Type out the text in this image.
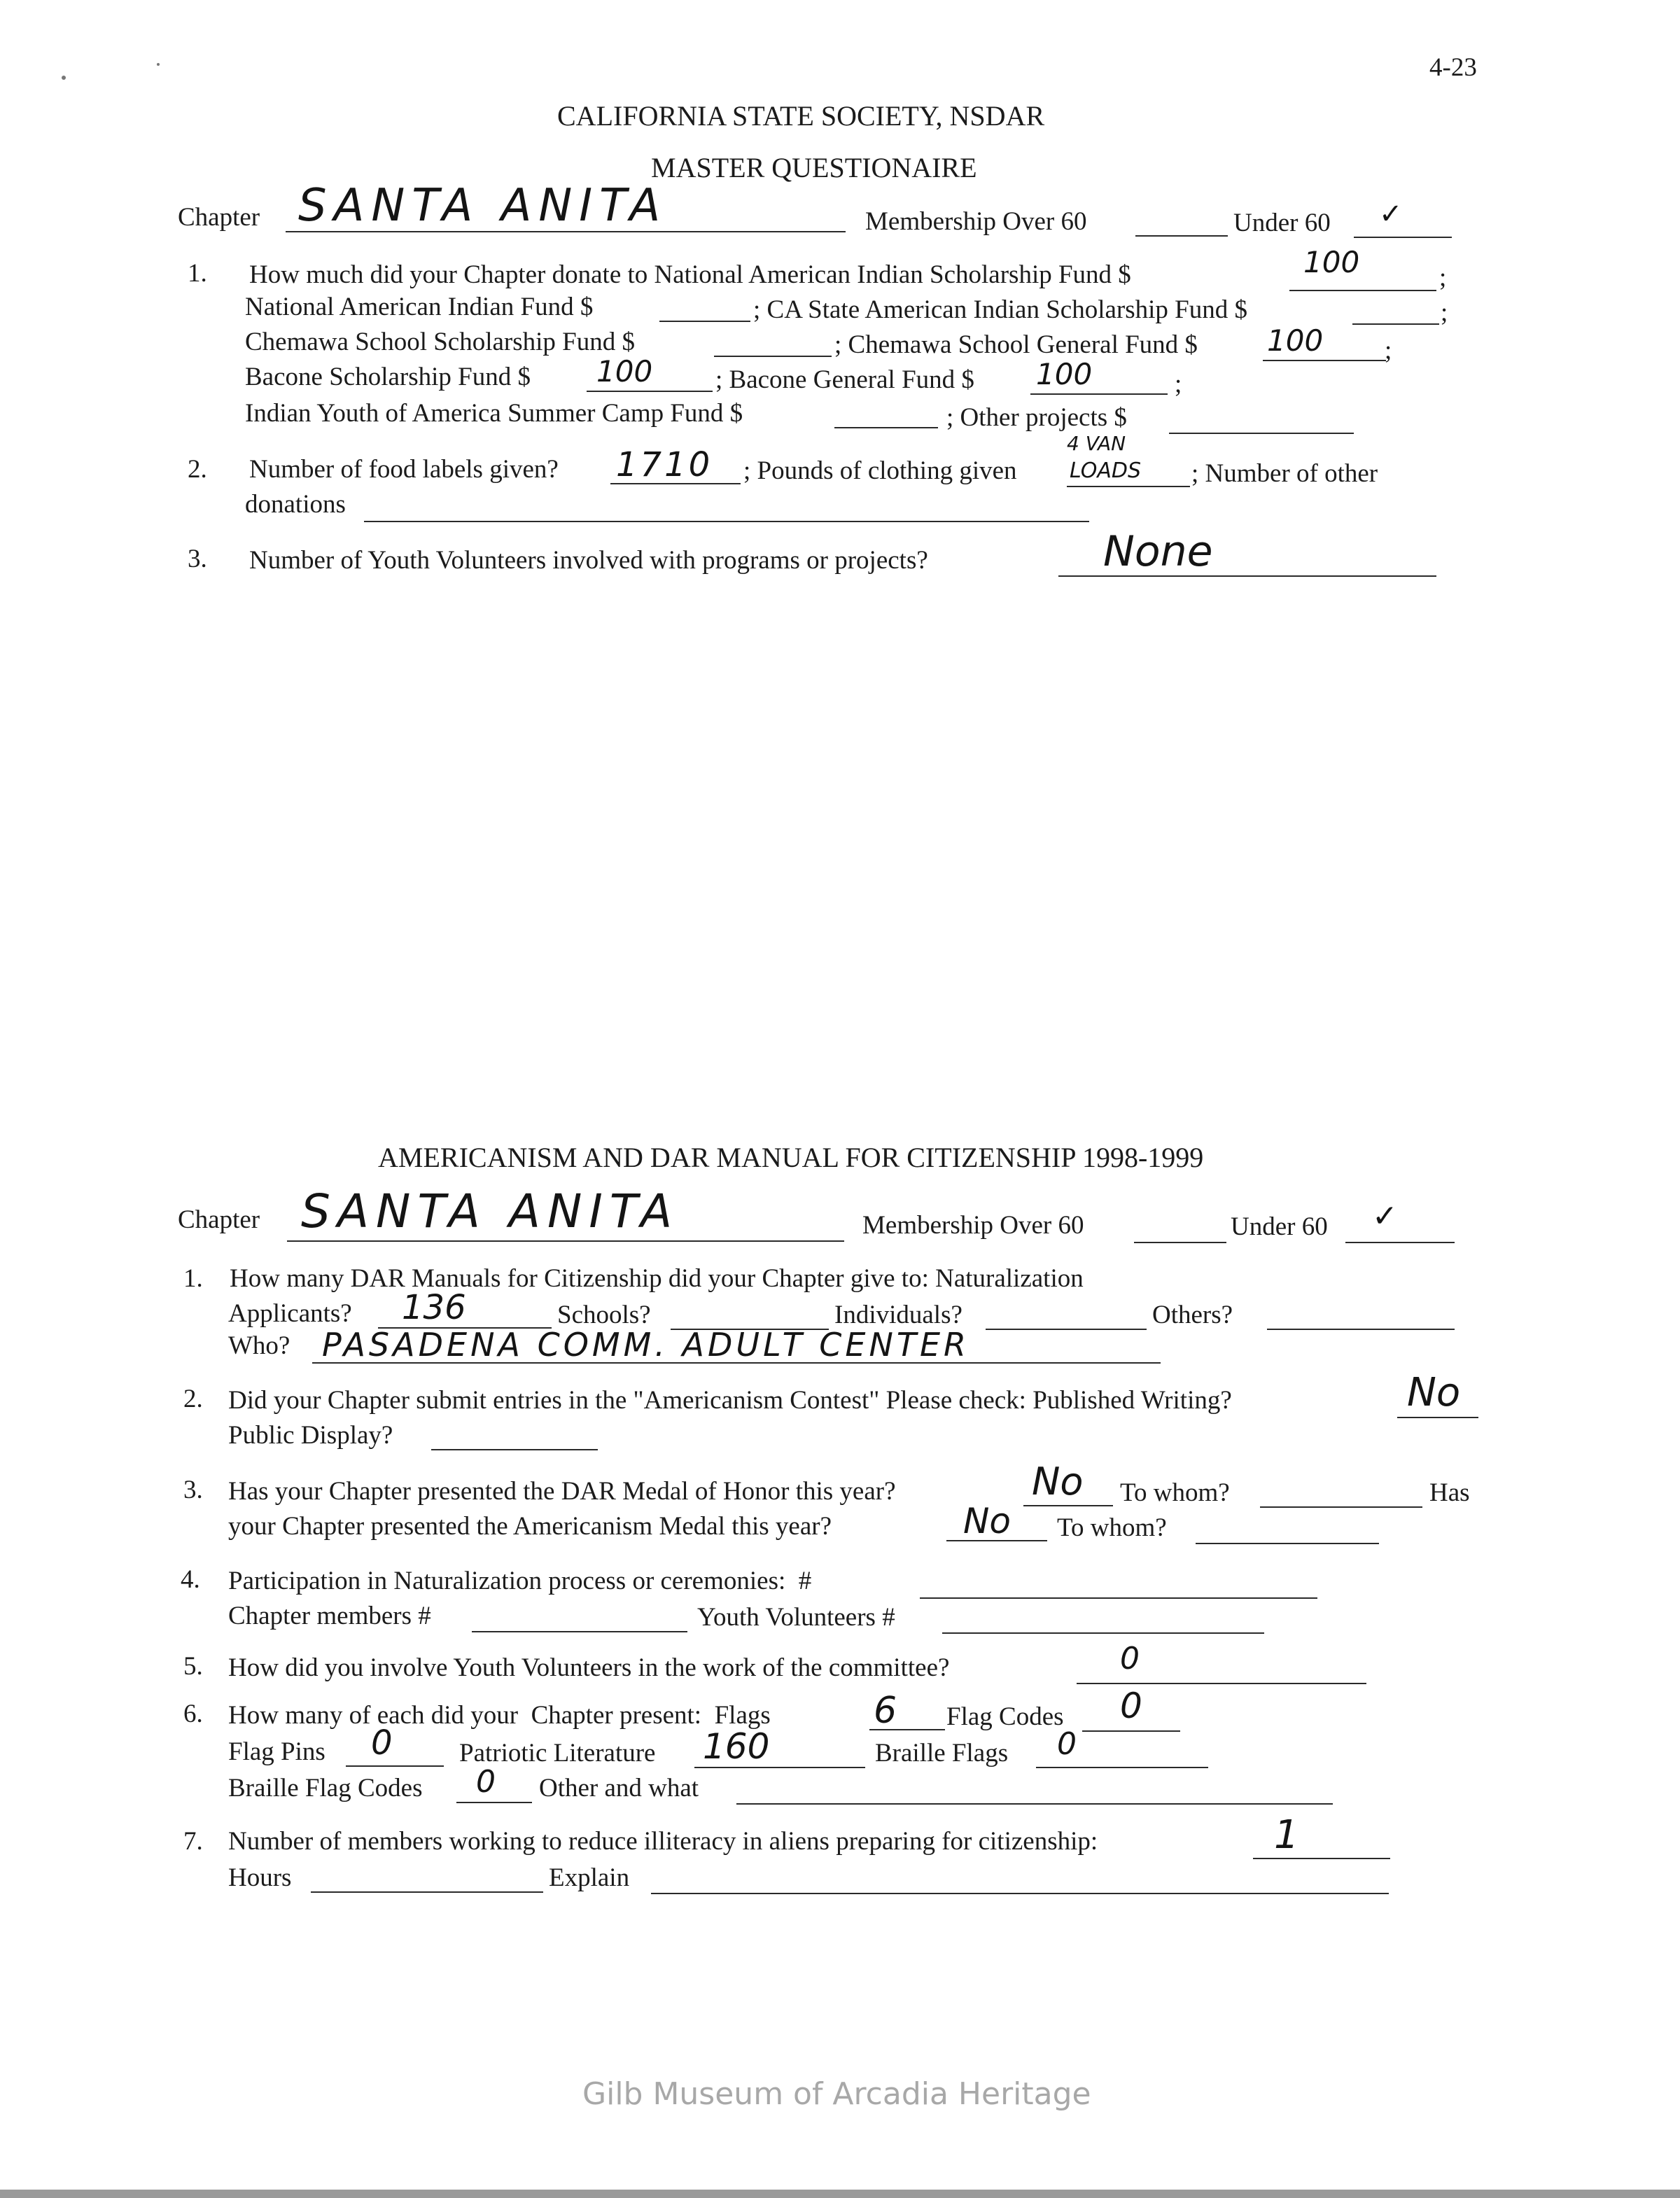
4-23
CALIFORNIA STATE SOCIETY, NSDAR
MASTER QUESTIONAIRE
Chapter SANTA ANITA	Membership Over 60	Under 60 ✓
1. How much did your Chapter donate to National American Indian Scholarship Fund $	100	;
National American Indian Fund $	; CA State American Indian Scholarship Fund $	;
Chemawa School Scholarship Fund $	; Chemawa School General Fund $ 100 ;
Bacone Scholarship Fund $ 100 ; Bacone General Fund $ 100	;
Indian Youth of America Summer Camp Fund $	; Other projects $
2. Number of food labels given? 1710 ; Pounds of clothing given
4 VAN
LOADS ; Number of other
donations
3. Number of Youth Volunteers involved with programs or projects?	None
AMERICANISM AND DAR MANUAL FOR CITIZENSHIP 1998-1999
Chapter SANTA ANITA	Membership Over 60	Under 60 ✓
1. How many DAR Manuals for Citizenship did your Chapter give to: Naturalization
Applicants? 136	Schools?	Individuals?	Others?
Who? PASADENA COMM. ADULT CENTER
2. Did your Chapter submit entries in the "Americanism Contest" Please check: Published Writing?	No
Public Display?
3. Has your Chapter presented the DAR Medal of Honor this year?	No To whom?	Has
your Chapter presented the Americanism Medal this year?	No To whom?
4. Participation in Naturalization process or ceremonies:  #
Chapter members #	Youth Volunteers #
5. How did you involve Youth Volunteers in the work of the committee?	0
6. How many of each did your  Chapter present:  Flags	6 Flag Codes 0
Flag Pins 0	Patriotic Literature 160	Braille Flags 0
Braille Flag Codes 0 Other and what
7. Number of members working to reduce illiteracy in aliens preparing for citizenship:	1
Hours	Explain
Gilb Museum of Arcadia Heritage
